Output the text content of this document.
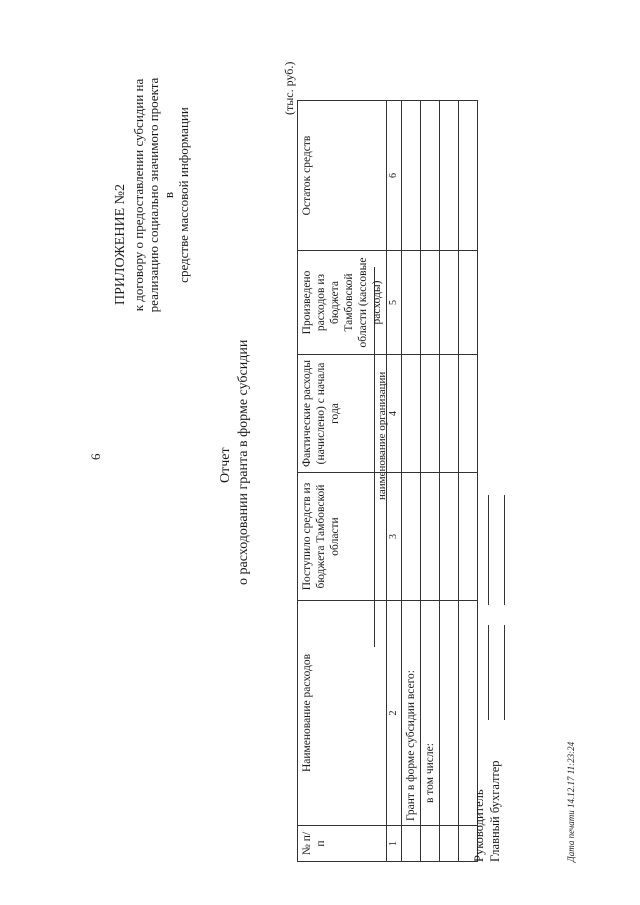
6
ПРИЛОЖЕНИЕ №2 к договору о предоставлении субсидии на реализацию социально значимого проекта в средстве массовой информации
Отчет о расходовании гранта в форме субсидии	наименование организации
(тыс. руб.)
№ п/п	Наименование расходов	Поступило средств из бюджета Тамбовской области	Фактические расходы (начислено) с начала года	Произведено расходов из бюджета Тамбовской области (кассовые расходы)	Остаток средств
1	2	3	4	5	6
	Грант в форме субсидии всего:				
	в том числе:				

Руководитель Главный бухгалтер	Дата печати 14.12.17 11:23:24
